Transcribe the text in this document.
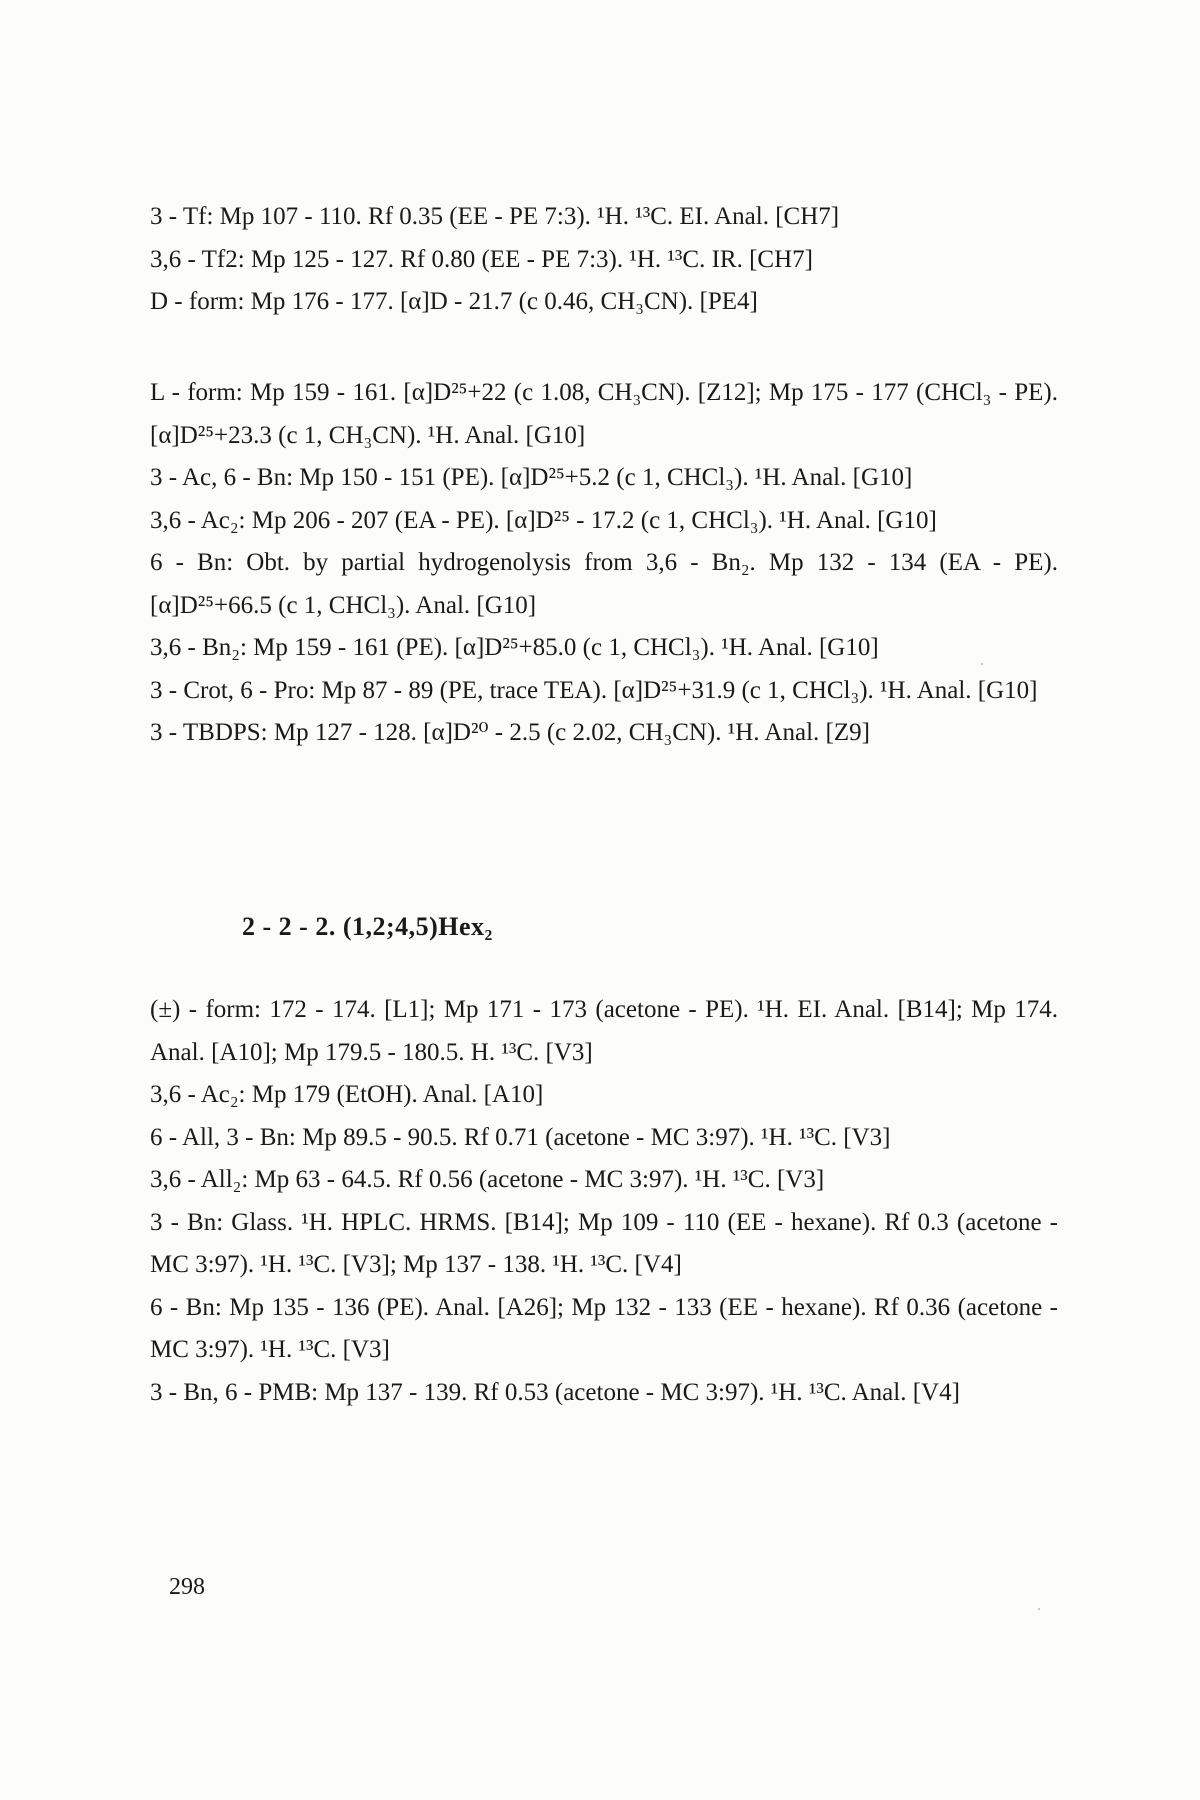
3 - Tf: Mp 107 - 110. Rf 0.35 (EE - PE 7:3). ¹H. ¹³C. EI. Anal. [CH7]
3,6 - Tf2: Mp 125 - 127. Rf 0.80 (EE - PE 7:3). ¹H. ¹³C. IR. [CH7]
D - form: Mp 176 - 177. [α]D - 21.7 (c 0.46, CH₃CN). [PE4]
L - form: Mp 159 - 161. [α]D²⁵+22 (c 1.08, CH₃CN). [Z12]; Mp 175 - 177 (CHCl₃ - PE). [α]D²⁵+23.3 (c 1, CH₃CN). ¹H. Anal. [G10]
3 - Ac, 6 - Bn: Mp 150 - 151 (PE). [α]D²⁵+5.2 (c 1, CHCl₃). ¹H. Anal. [G10]
3,6 - Ac₂: Mp 206 - 207 (EA - PE). [α]D²⁵ - 17.2 (c 1, CHCl₃). ¹H. Anal. [G10]
6 - Bn: Obt. by partial hydrogenolysis from 3,6 - Bn₂. Mp 132 - 134 (EA - PE). [α]D²⁵+66.5 (c 1, CHCl₃). Anal. [G10]
3,6 - Bn₂: Mp 159 - 161 (PE). [α]D²⁵+85.0 (c 1, CHCl₃). ¹H. Anal. [G10]
3 - Crot, 6 - Pro: Mp 87 - 89 (PE, trace TEA). [α]D²⁵+31.9 (c 1, CHCl₃). ¹H. Anal. [G10]
3 - TBDPS: Mp 127 - 128. [α]D²⁰ - 2.5 (c 2.02, CH₃CN). ¹H. Anal. [Z9]
2 - 2 - 2. (1,2;4,5)Hex₂
(±) - form: 172 - 174. [L1]; Mp 171 - 173 (acetone - PE). ¹H. EI. Anal. [B14]; Mp 174. Anal. [A10]; Mp 179.5 - 180.5. H. ¹³C. [V3]
3,6 - Ac₂: Mp 179 (EtOH). Anal. [A10]
6 - All, 3 - Bn: Mp 89.5 - 90.5. Rf 0.71 (acetone - MC 3:97). ¹H. ¹³C. [V3]
3,6 - All₂: Mp 63 - 64.5. Rf 0.56 (acetone - MC 3:97). ¹H. ¹³C. [V3]
3 - Bn: Glass. ¹H. HPLC. HRMS. [B14]; Mp 109 - 110 (EE - hexane). Rf 0.3 (acetone - MC 3:97). ¹H. ¹³C. [V3]; Mp 137 - 138. ¹H. ¹³C. [V4]
6 - Bn: Mp 135 - 136 (PE). Anal. [A26]; Mp 132 - 133 (EE - hexane). Rf 0.36 (acetone - MC 3:97). ¹H. ¹³C. [V3]
3 - Bn, 6 - PMB: Mp 137 - 139. Rf 0.53 (acetone - MC 3:97). ¹H. ¹³C. Anal. [V4]
298
